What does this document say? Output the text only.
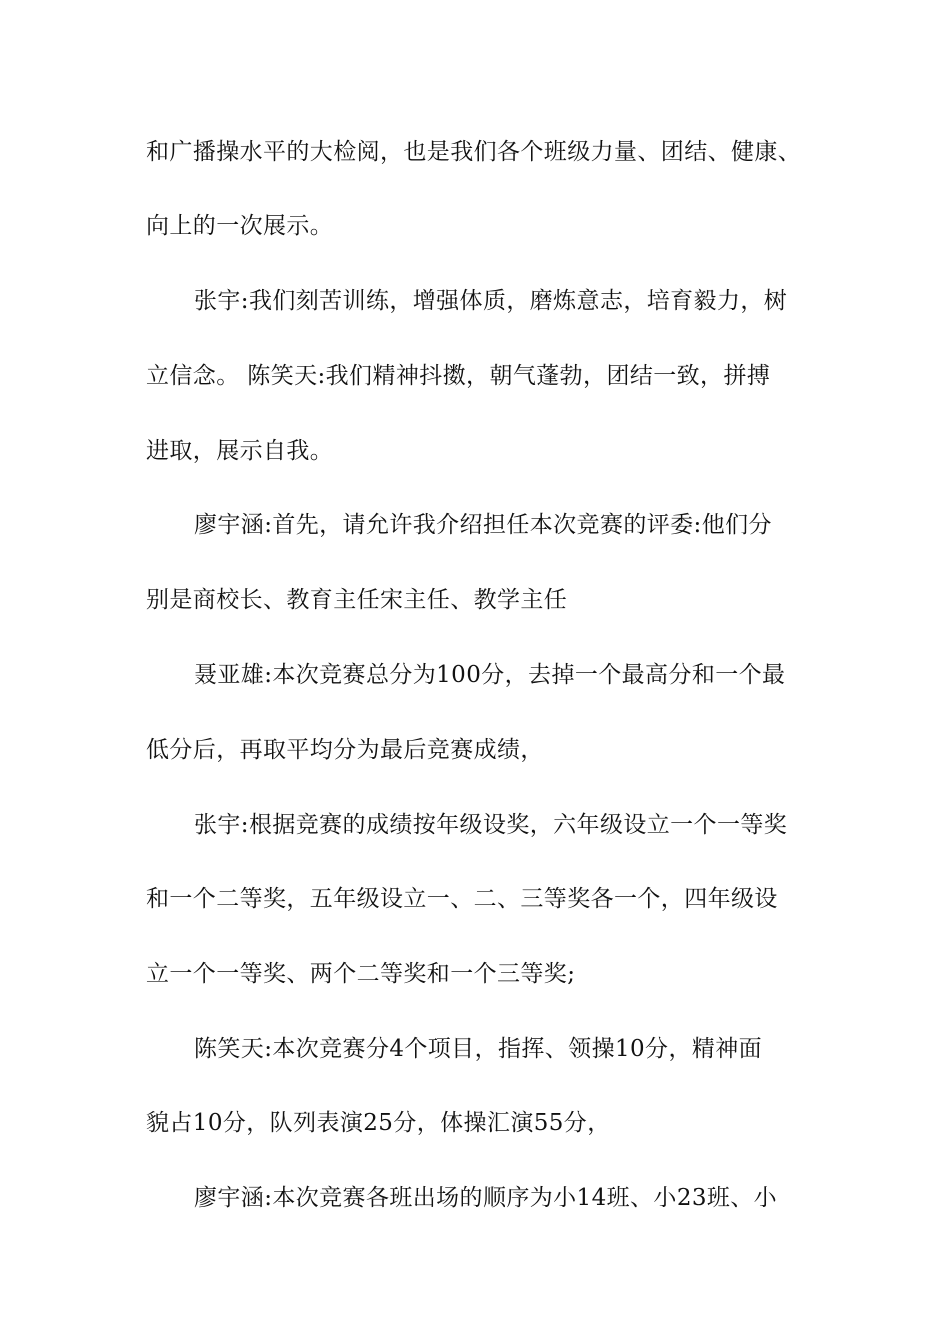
和广播操水平的大检阅，也是我们各个班级力量、团结、健康、
向上的一次展示。
张宇:我们刻苦训练，增强体质，磨炼意志，培育毅力，树
立信念。 陈笑天:我们精神抖擞，朝气蓬勃，团结一致，拼搏
进取，展示自我。
廖宇涵:首先，请允许我介绍担任本次竞赛的评委:他们分
别是商校长、教育主任宋主任、教学主任
聂亚雄:本次竞赛总分为100分，去掉一个最高分和一个最
低分后，再取平均分为最后竞赛成绩，
张宇:根据竞赛的成绩按年级设奖，六年级设立一个一等奖
和一个二等奖，五年级设立一、二、三等奖各一个，四年级设
立一个一等奖、两个二等奖和一个三等奖;
陈笑天:本次竞赛分4个项目，指挥、领操10分，精神面
貌占10分，队列表演25分，体操汇演55分，
廖宇涵:本次竞赛各班出场的顺序为小14班、小23班、小
